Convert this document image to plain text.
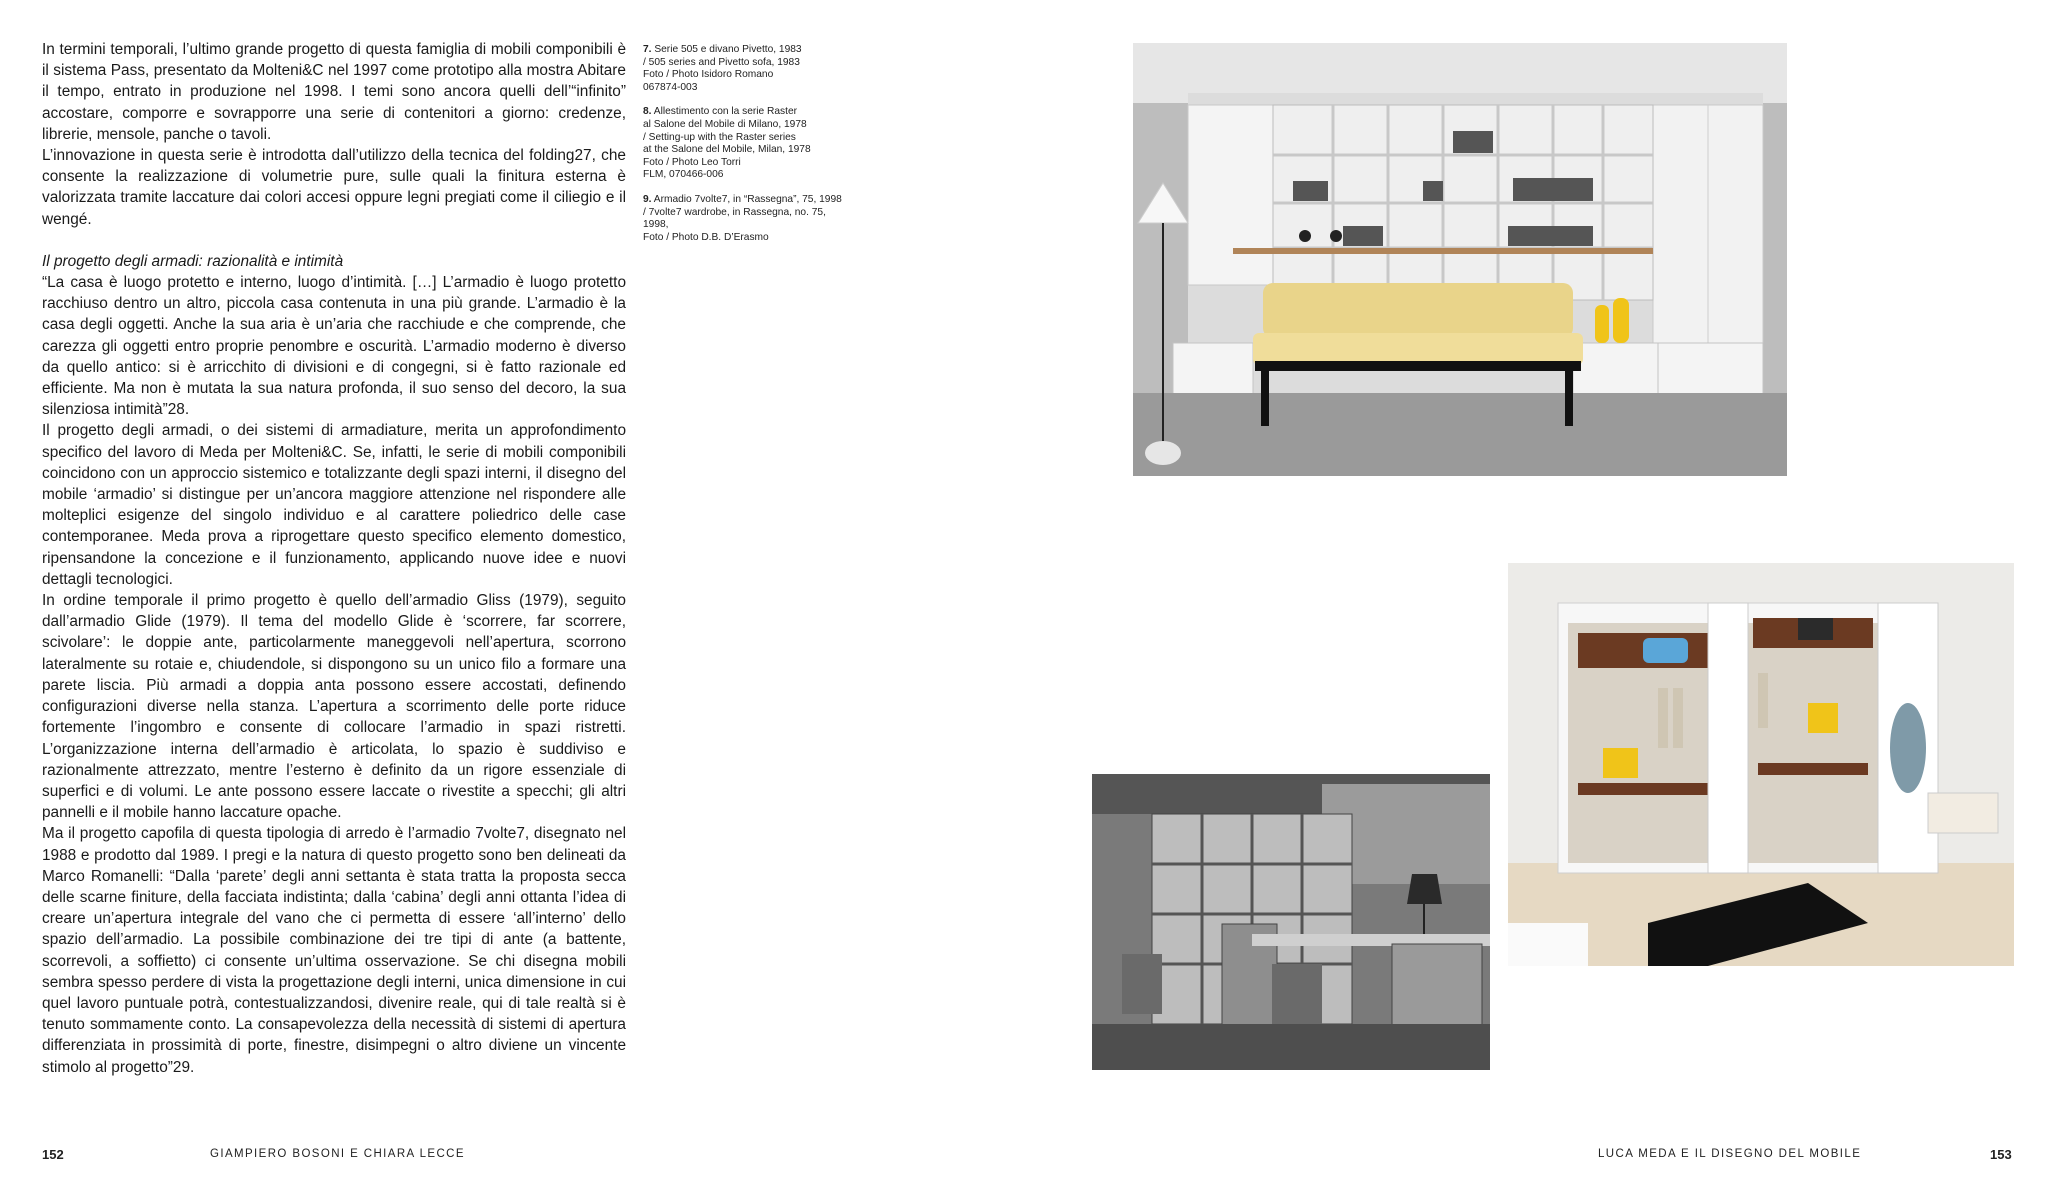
In termini temporali, l’ultimo grande progetto di questa famiglia di mobili componibili è il sistema Pass, presentato da Molteni&C nel 1997 come prototipo alla mostra Abitare il tempo, entrato in produzione nel 1998. I temi sono ancora quelli dell’“infinito” accostare, comporre e sovrapporre una serie di contenitori a giorno: credenze, librerie, mensole, panche o tavoli.

L’innovazione in questa serie è introdotta dall’utilizzo della tecnica del folding27, che consente la realizzazione di volumetrie pure, sulle quali la finitura esterna è valorizzata tramite laccature dai colori accesi oppure legni pregiati come il ciliegio e il wengé.

Il progetto degli armadi: razionalità e intimità

“La casa è luogo protetto e interno, luogo d’intimità. […] L’armadio è luogo protetto racchiuso dentro un altro, piccola casa contenuta in una più grande. L’armadio è la casa degli oggetti. Anche la sua aria è un’aria che racchiude e che comprende, che carezza gli oggetti entro proprie penombre e oscurità. L’armadio moderno è diverso da quello antico: si è arricchito di divisioni e di congegni, si è fatto razionale ed efficiente. Ma non è mutata la sua natura profonda, il suo senso del decoro, la sua silenziosa intimità”28.

Il progetto degli armadi, o dei sistemi di armadiature, merita un approfondimento specifico del lavoro di Meda per Molteni&C. Se, infatti, le serie di mobili componibili coincidono con un approccio sistemico e totalizzante degli spazi interni, il disegno del mobile ‘armadio’ si distingue per un’ancora maggiore attenzione nel rispondere alle molteplici esigenze del singolo individuo e al carattere poliedrico delle case contemporanee. Meda prova a riprogettare questo specifico elemento domestico, ripensandone la concezione e il funzionamento, applicando nuove idee e nuovi dettagli tecnologici.

In ordine temporale il primo progetto è quello dell’armadio Gliss (1979), seguito dall’armadio Glide (1979). Il tema del modello Glide è ‘scorrere, far scorrere, scivolare’: le doppie ante, particolarmente maneggevoli nell’apertura, scorrono lateralmente su rotaie e, chiudendole, si dispongono su un unico filo a formare una parete liscia. Più armadi a doppia anta possono essere accostati, definendo configurazioni diverse nella stanza. L’apertura a scorrimento delle porte riduce fortemente l’ingombro e consente di collocare l’armadio in spazi ristretti. L’organizzazione interna dell’armadio è articolata, lo spazio è suddiviso e razionalmente attrezzato, mentre l’esterno è definito da un rigore essenziale di superfici e di volumi. Le ante possono essere laccate o rivestite a specchi; gli altri pannelli e il mobile hanno laccature opache.

Ma il progetto capofila di questa tipologia di arredo è l’armadio 7volte7, disegnato nel 1988 e prodotto dal 1989. I pregi e la natura di questo progetto sono ben delineati da Marco Romanelli: “Dalla ‘parete’ degli anni settanta è stata tratta la proposta secca delle scarne finiture, della facciata indistinta; dalla ‘cabina’ degli anni ottanta l’idea di creare un’apertura integrale del vano che ci permetta di essere ‘all’interno’ dello spazio dell’armadio. La possibile combinazione dei tre tipi di ante (a battente, scorrevoli, a soffietto) ci consente un’ultima osservazione. Se chi disegna mobili sembra spesso perdere di vista la progettazione degli interni, unica dimensione in cui quel lavoro puntuale potrà, contestualizzandosi, divenire reale, qui di tale realtà si è tenuto sommamente conto. La consapevolezza della necessità di sistemi di apertura differenziata in prossimità di porte, finestre, disimpegni o altro diviene un vincente stimolo al progetto”29.

7. Serie 505 e divano Pivetto, 1983
/ 505 series and Pivetto sofa, 1983
Foto / Photo Isidoro Romano
067874-003
8. Allestimento con la serie Raster
al Salone del Mobile di Milano, 1978
/ Setting-up with the Raster series
at the Salone del Mobile, Milan, 1978
Foto / Photo Leo Torri
FLM, 070466-006
9. Armadio 7volte7, in “Rassegna”, 75, 1998
/ 7volte7 wardrobe, in Rassegna, no. 75, 1998,
Foto / Photo D.B. D’Erasmo
152	GIAMPIERO BOSONI E CHIARA LECCE	LUCA MEDA E IL DISEGNO DEL MOBILE	153
